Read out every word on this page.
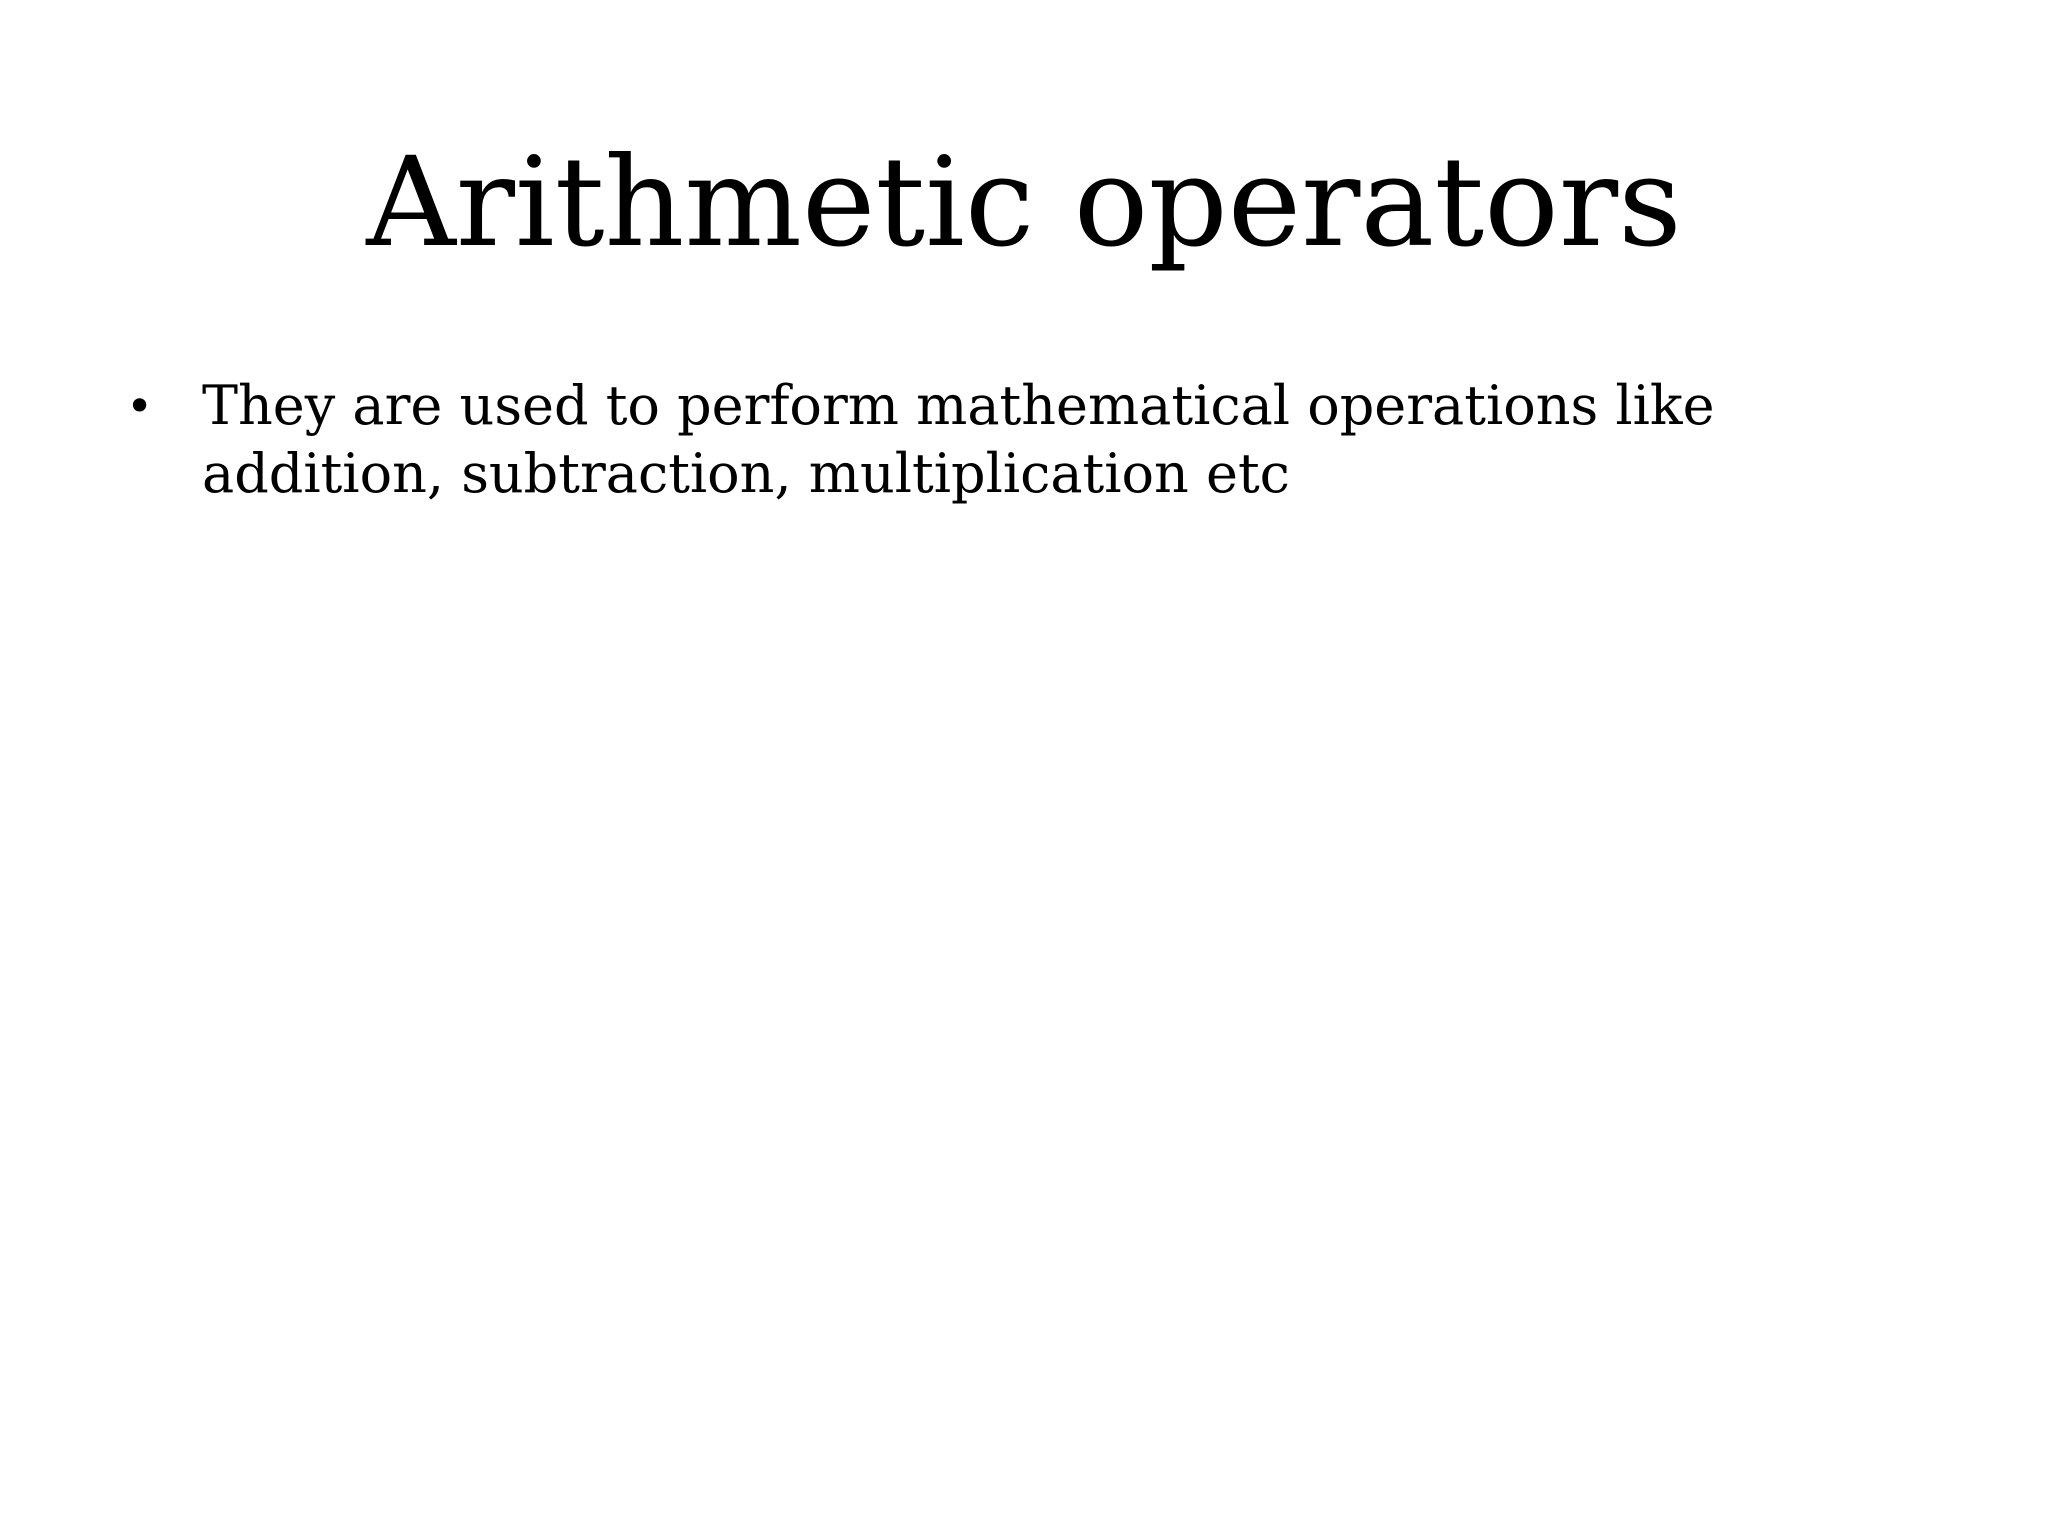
Arithmetic operators
• They are used to perform mathematical operations like addition, subtraction, multiplication etc
